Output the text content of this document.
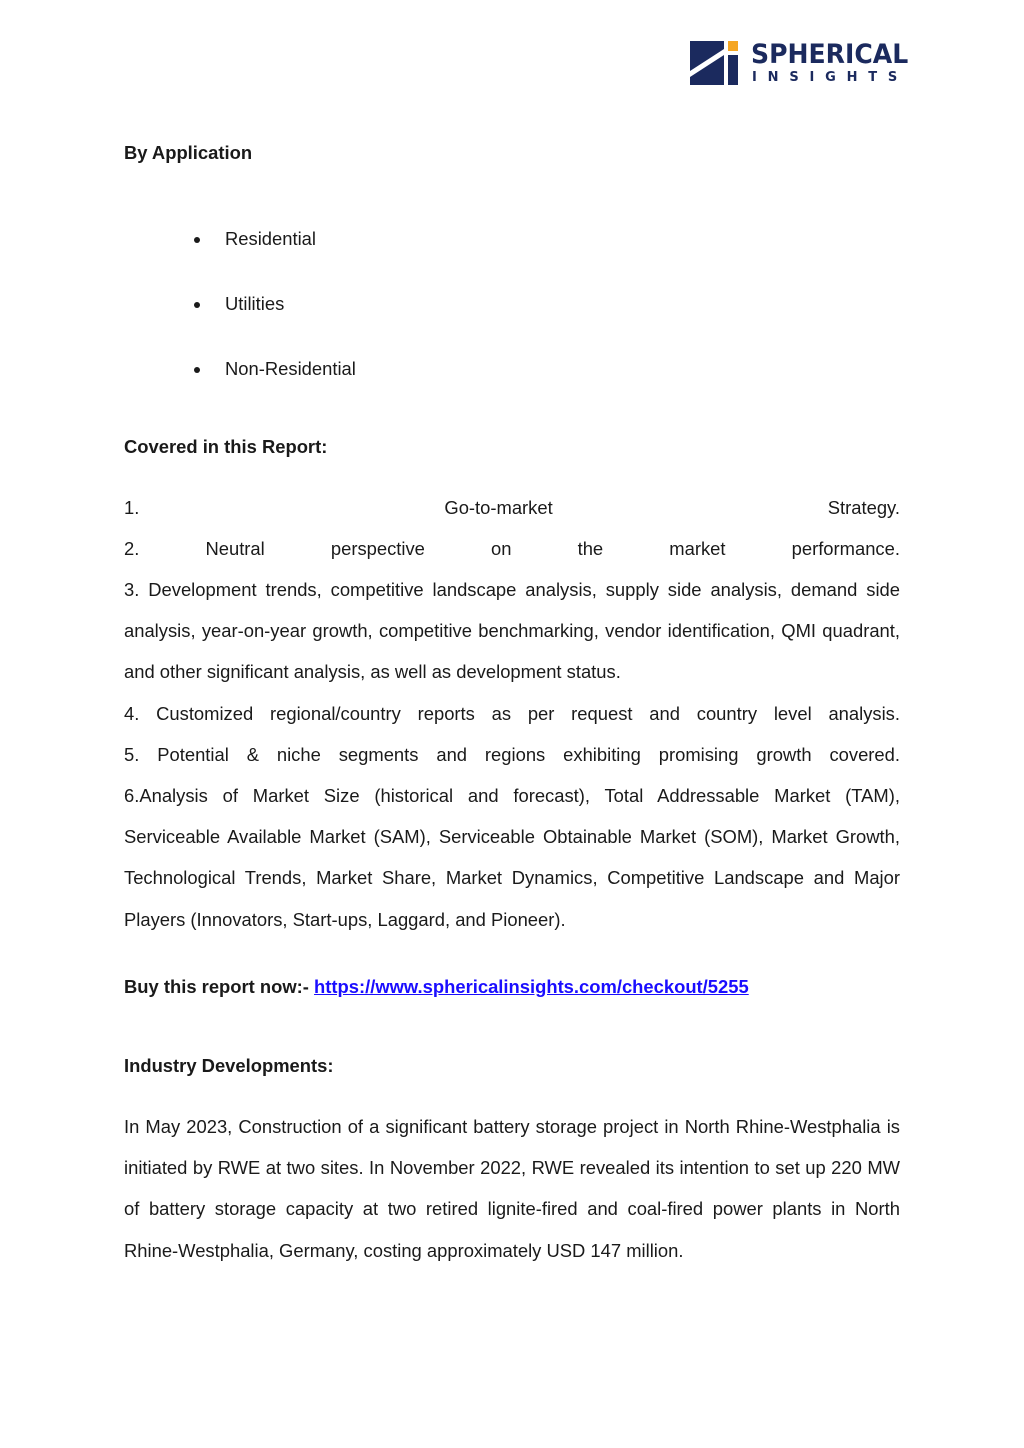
SPHERICAL
INSIGHTS
By Application
Residential
Utilities
Non-Residential
Covered in this Report:
1.	Go-to-market	Strategy.
2.	Neutral	perspective	on	the	market	performance.
3. Development trends, competitive landscape analysis, supply side analysis, demand side analysis, year-on-year growth, competitive benchmarking, vendor identification, QMI quadrant, and other significant analysis, as well as development status.
4. Customized regional/country reports as per request and country level analysis.
5. Potential & niche segments and regions exhibiting promising growth covered.
6.Analysis of Market Size (historical and forecast), Total Addressable Market (TAM), Serviceable Available Market (SAM), Serviceable Obtainable Market (SOM), Market Growth, Technological Trends, Market Share, Market Dynamics, Competitive Landscape and Major Players (Innovators, Start-ups, Laggard, and Pioneer).
Buy this report now:- https://www.sphericalinsights.com/checkout/5255
Industry Developments:
In May 2023, Construction of a significant battery storage project in North Rhine-Westphalia is initiated by RWE at two sites. In November 2022, RWE revealed its intention to set up 220 MW of battery storage capacity at two retired lignite-fired and coal-fired power plants in North Rhine-Westphalia, Germany, costing approximately USD 147 million.
